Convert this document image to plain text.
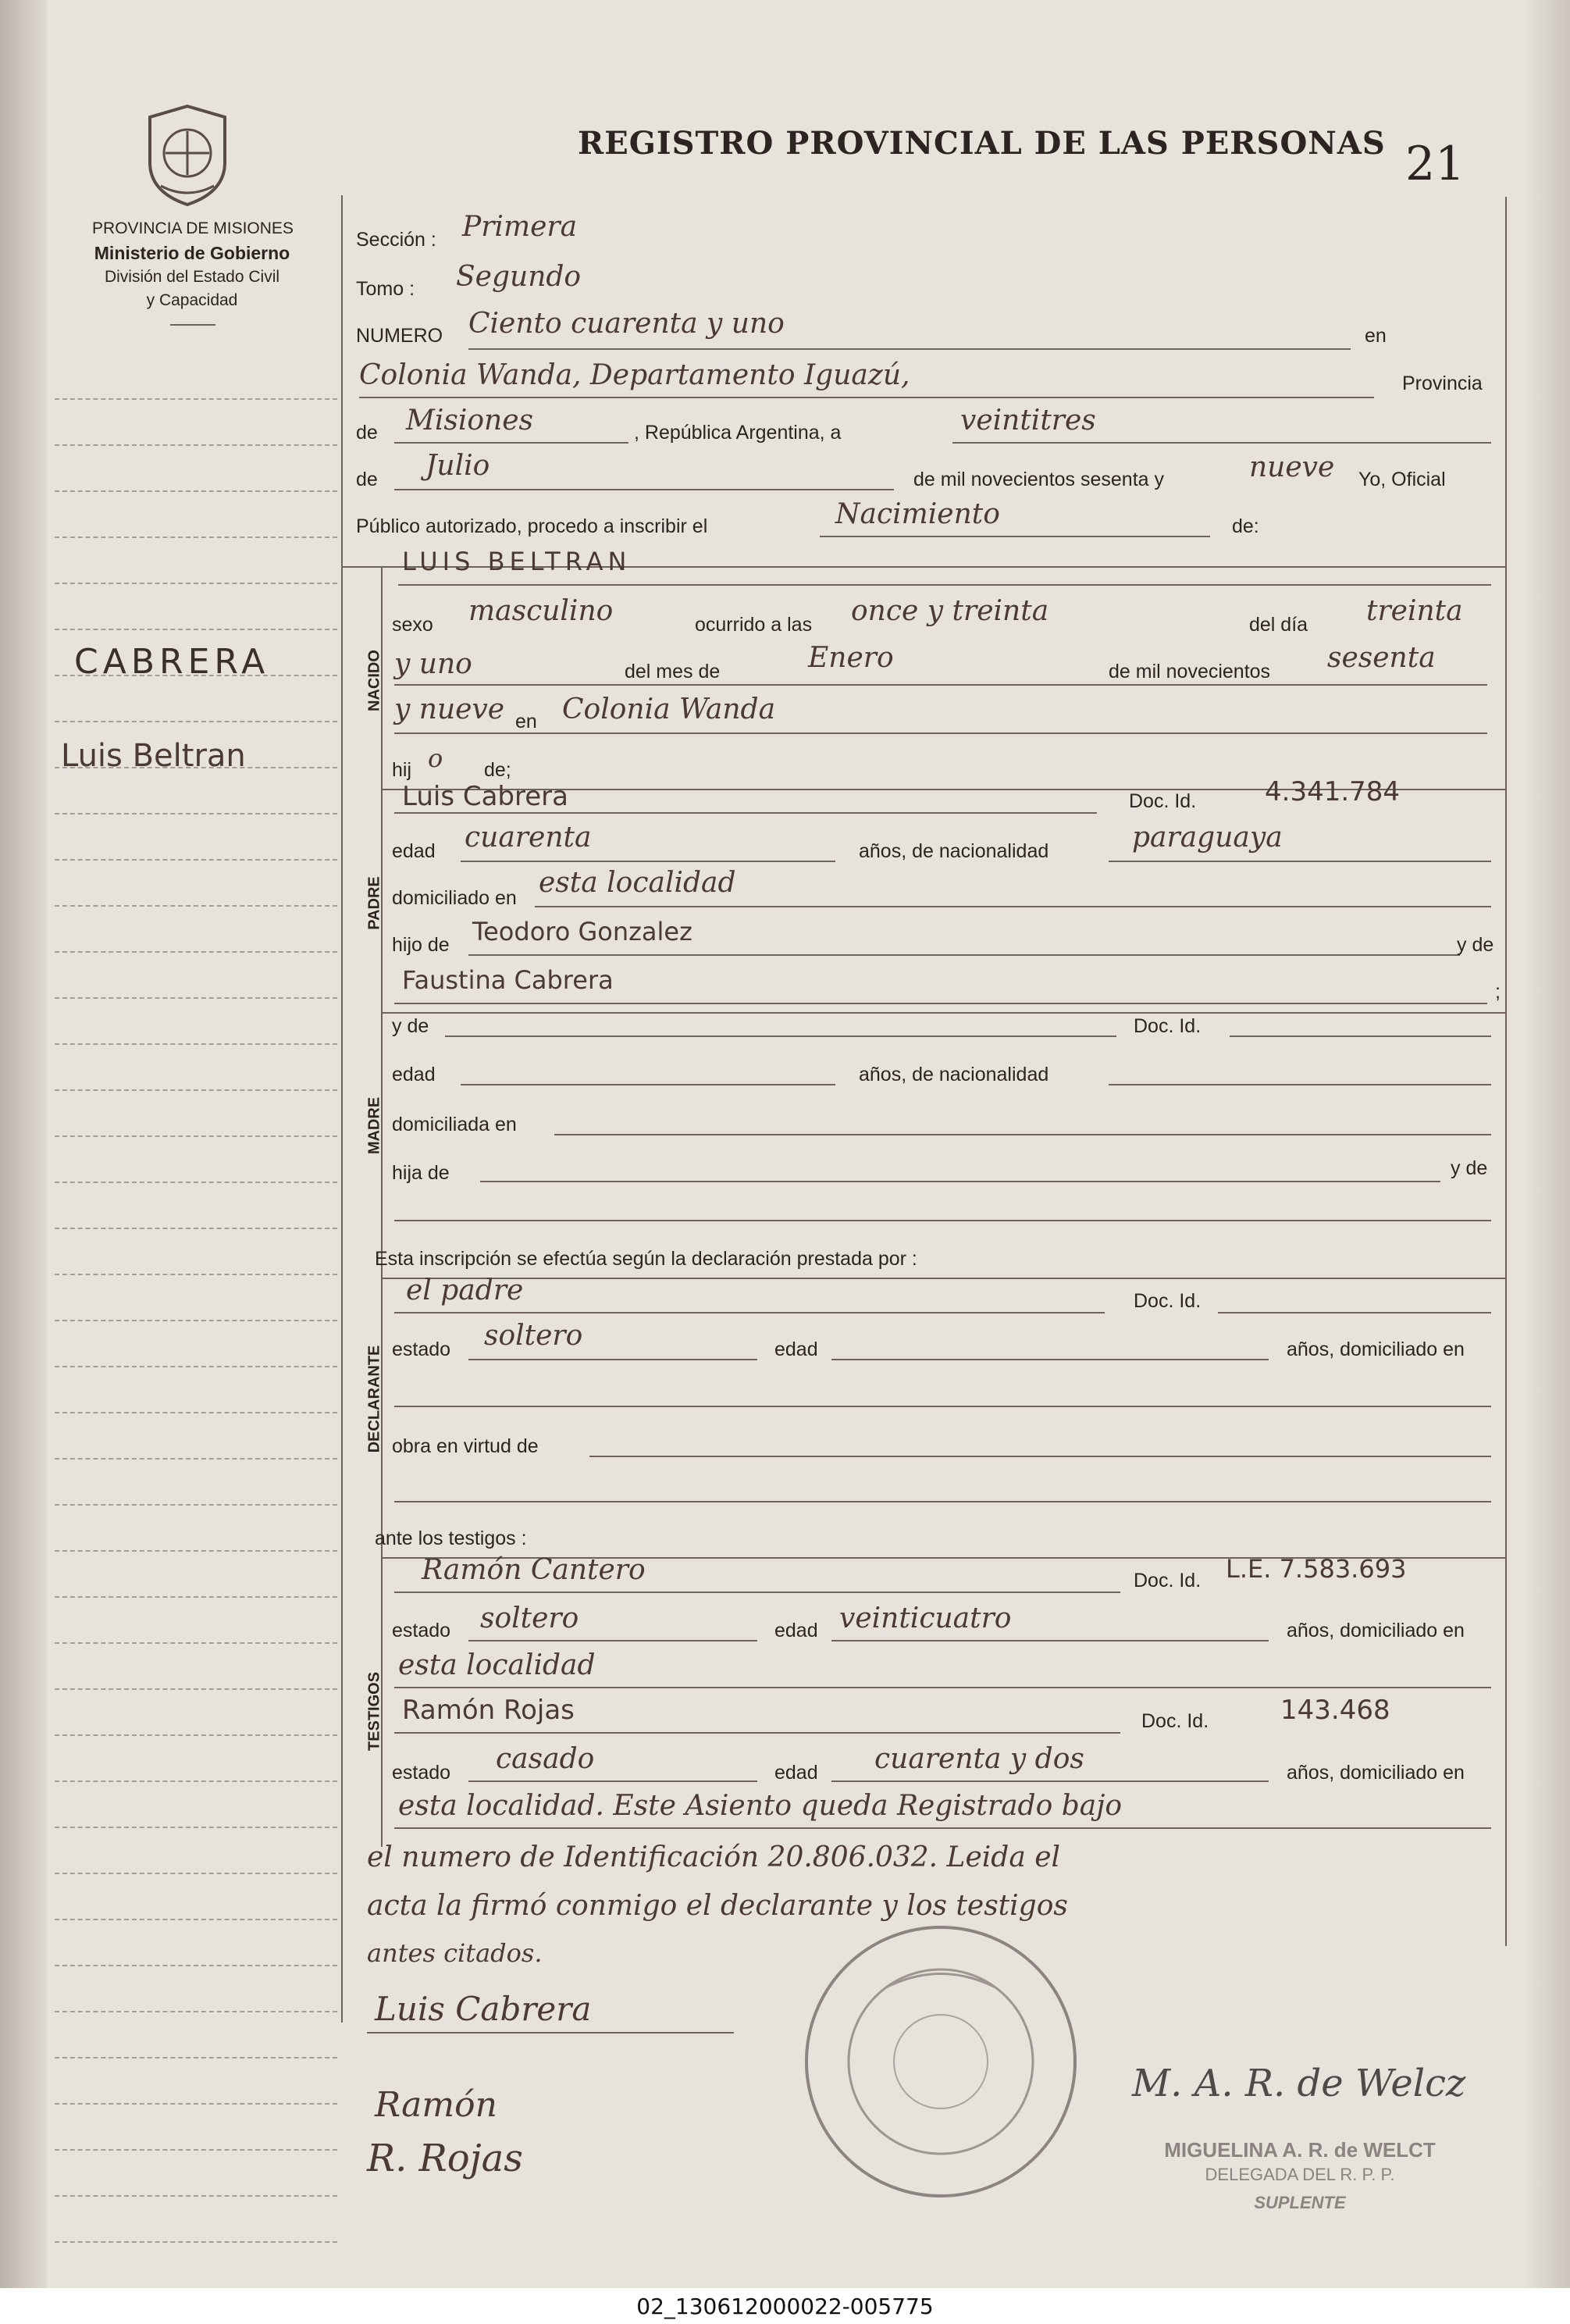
PROVINCIA DE MISIONES
Ministerio de Gobierno
División del Estado Civil
y Capacidad
REGISTRO PROVINCIAL DE LAS PERSONAS 21
CABRERA
Luis Beltran
Sección : Primera
Tomo : Segundo
NUMERO Ciento cuarenta y uno	en
Colonia Wanda, Departamento Iguazú,	Provincia
de Misiones	, República Argentina, a	veintitres
de Julio	de mil novecientos sesenta y	nueve Yo, Oficial
Público autorizado, procedo a inscribir el	Nacimiento	de:
NACIDO
LUIS BELTRAN
sexo masculino	ocurrido a las once y treinta	del día treinta
y uno	del mes de	Enero	de mil novecientos sesenta
y nueve en Colonia Wanda
hij o de;
PADRE
Luis Cabrera	Doc. Id.	4.341.784
edad cuarenta	años, de nacionalidad	paraguaya
domiciliado en esta localidad
hijo de Teodoro Gonzalez	y de
Faustina Cabrera	;
MADRE
y de	Doc. Id.
edad	años, de nacionalidad
domiciliada en
hija de	y de
Esta inscripción se efectúa según la declaración prestada por :
DECLARANTE
el padre	Doc. Id.
estado soltero	edad	años, domiciliado en
obra en virtud de
ante los testigos :
TESTIGOS
Ramón Cantero	Doc. Id. L.E. 7.583.693
estado soltero	edad veinticuatro	años, domiciliado en
esta localidad
Ramón Rojas	Doc. Id.	143.468
estado casado	edad cuarenta y dos	años, domiciliado en
esta localidad. Este Asiento queda Registrado bajo
el numero de Identificación 20.806.032. Leida el
acta la firmó conmigo el declarante y los testigos
antes citados.
Luis Cabrera
Ramón
R. Rojas
M. A. R. de Welcz
MIGUELINA A. R. de WELCT
DELEGADA DEL R. P. P.
SUPLENTE
02_130612000022-005775
